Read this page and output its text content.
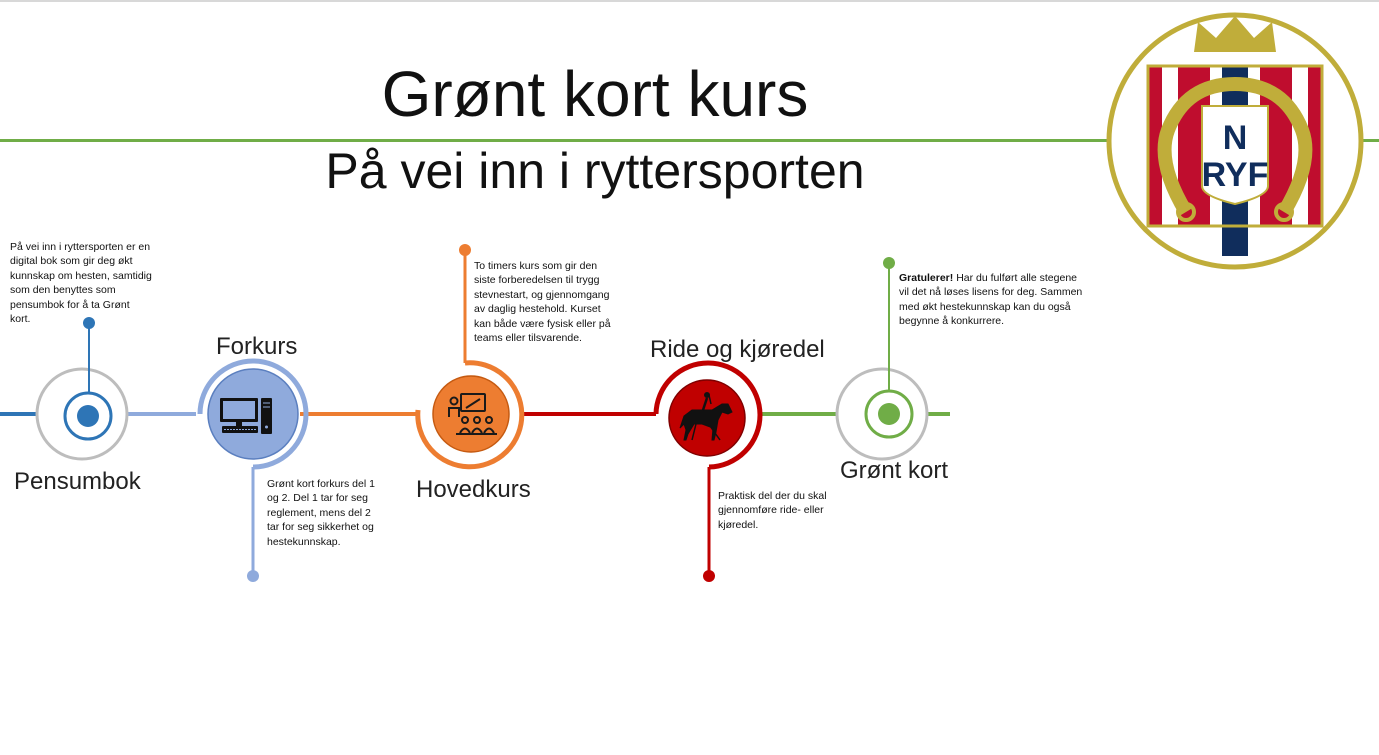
Grønt kort kurs
På vei inn i ryttersporten
Pensumbok
Forkurs
Hovedkurs
Ride og kjøredel
Grønt kort
På vei inn i ryttersporten er en digital bok som gir deg økt kunnskap om hesten, samtidig som den benyttes som pensumbok for å ta Grønt kort.
Grønt kort forkurs del 1 og 2. Del 1 tar for seg reglement, mens del 2 tar for seg sikkerhet og hestekunnskap.
To timers kurs som gir den siste forberedelsen til trygg stevnestart, og gjennomgang av daglig hestehold. Kurset kan både være fysisk eller på teams eller tilsvarende.
Praktisk del der du skal gjennomføre ride- eller kjøredel.
Gratulerer! Har du fulført alle stegene vil det nå løses lisens for deg. Sammen med økt hestekunnskap kan du også begynne å konkurrere.
N
RYF
